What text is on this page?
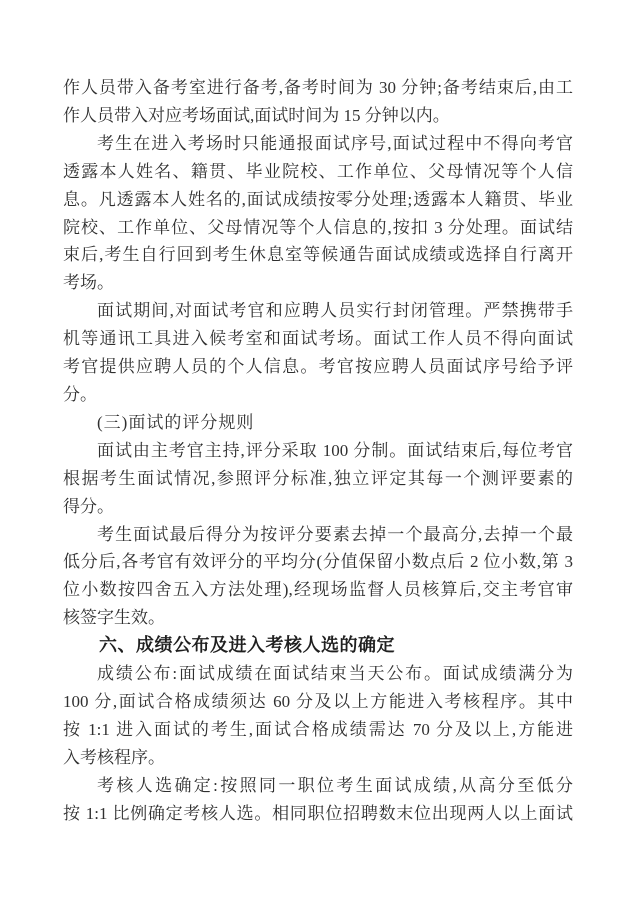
作人员带入备考室进行备考,备考时间为 30 分钟;备考结束后,由工
作人员带入对应考场面试,面试时间为 15 分钟以内。

考生在进入考场时只能通报面试序号,面试过程中不得向考官
透露本人姓名、籍贯、毕业院校、工作单位、父母情况等个人信
息。凡透露本人姓名的,面试成绩按零分处理;透露本人籍贯、毕业
院校、工作单位、父母情况等个人信息的,按扣 3 分处理。面试结
束后,考生自行回到考生休息室等候通告面试成绩或选择自行离开
考场。

面试期间,对面试考官和应聘人员实行封闭管理。严禁携带手
机等通讯工具进入候考室和面试考场。面试工作人员不得向面试
考官提供应聘人员的个人信息。考官按应聘人员面试序号给予评
分。

(三)面试的评分规则

面试由主考官主持,评分采取 100 分制。面试结束后,每位考官
根据考生面试情况,参照评分标准,独立评定其每一个测评要素的
得分。

考生面试最后得分为按评分要素去掉一个最高分,去掉一个最
低分后,各考官有效评分的平均分(分值保留小数点后 2 位小数,第 3
位小数按四舍五入方法处理),经现场监督人员核算后,交主考官审
核签字生效。

六、成绩公布及进入考核人选的确定

成绩公布:面试成绩在面试结束当天公布。面试成绩满分为
100 分,面试合格成绩须达 60 分及以上方能进入考核程序。其中
按 1:1 进入面试的考生,面试合格成绩需达 70 分及以上,方能进
入考核程序。

考核人选确定:按照同一职位考生面试成绩,从高分至低分
按 1:1 比例确定考核人选。相同职位招聘数末位出现两人以上面试
